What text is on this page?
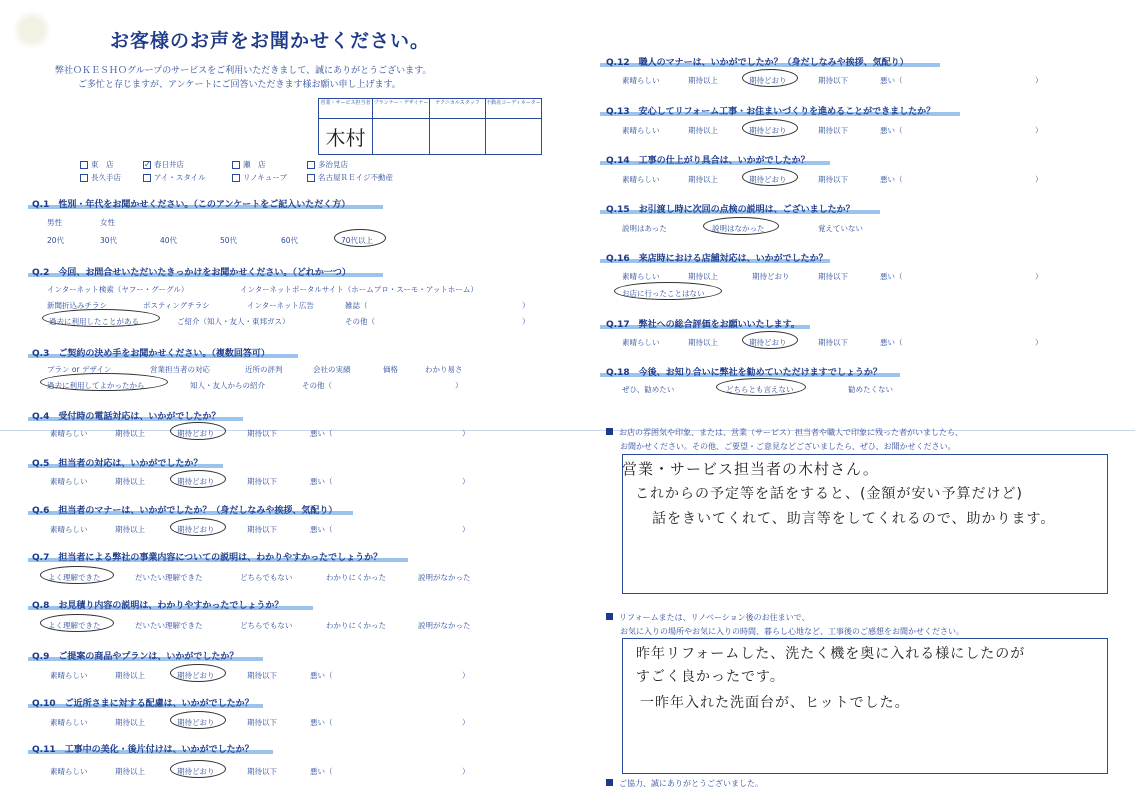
お客様のお声をお聞かせください。
弊社ＯＫＥＳＨＯグループのサービスをご利用いただきまして、誠にありがとうございます。
ご多忙と存じますが、アンケートにご回答いただきます様お願い申し上げます。
営業・サービス担当者	プランナー・デザイナー	テクニカルスタッフ	不動産コーディネーター
木村			
東　店	✓ 春日井店	瀬　店	多治見店
長久手店	アイ・スタイル	リノキューブ	名古屋ＲＥイジ不動産
Q.1　性別・年代をお聞かせください。（このアンケートをご記入いただく方）
男性	女性
20代	30代	40代	50代	60代	70代以上
Q.2　今回、お問合せいただいたきっかけをお聞かせください。（どれか一つ）
インターネット検索（ヤフー・グーグル）	インターネットポータルサイト（ホームプロ・スーモ・アットホーム）
新聞折込みチラシ	ポスティングチラシ	インターネット広告	雑誌（	）
過去に利用したことがある	ご紹介（知人・友人・東邦ガス）	その他（	）
Q.3　ご契約の決め手をお聞かせください。（複数回答可）
プラン or デザイン	営業担当者の対応	近所の評判	会社の実績	価格	わかり易さ
過去に利用してよかったから	知人・友人からの紹介	その他（	）
Q.4　受付時の電話対応は、いかがでしたか？
素晴らしい	期待以上	期待どおり	期待以下	悪い（	）
Q.5　担当者の対応は、いかがでしたか？
素晴らしい	期待以上	期待どおり	期待以下	悪い（	）
Q.6　担当者のマナーは、いかがでしたか？（身だしなみや挨拶、気配り）
素晴らしい	期待以上	期待どおり	期待以下	悪い（	）
Q.7　担当者による弊社の事業内容についての説明は、わかりやすかったでしょうか？
よく理解できた	だいたい理解できた	どちらでもない	わかりにくかった	説明がなかった
Q.8　お見積り内容の説明は、わかりやすかったでしょうか？
よく理解できた	だいたい理解できた	どちらでもない	わかりにくかった	説明がなかった
Q.9　ご提案の商品やプランは、いかがでしたか？
素晴らしい	期待以上	期待どおり	期待以下	悪い（	）
Q.10　ご近所さまに対する配慮は、いかがでしたか？
素晴らしい	期待以上	期待どおり	期待以下	悪い（	）
Q.11　工事中の美化・後片付けは、いかがでしたか？
素晴らしい	期待以上	期待どおり	期待以下	悪い（	）
Q.12　職人のマナーは、いかがでしたか？（身だしなみや挨拶、気配り）
素晴らしい	期待以上	期待どおり	期待以下	悪い（	）
Q.13　安心してリフォーム工事・お住まいづくりを進めることができましたか？
素晴らしい	期待以上	期待どおり	期待以下	悪い（	）
Q.14　工事の仕上がり具合は、いかがでしたか？
素晴らしい	期待以上	期待どおり	期待以下	悪い（	）
Q.15　お引渡し時に次回の点検の説明は、ございましたか？
説明はあった	説明はなかった	覚えていない
Q.16　来店時における店舗対応は、いかがでしたか？
素晴らしい	期待以上	期待どおり	期待以下	悪い（	）
お店に行ったことはない
Q.17　弊社への総合評価をお願いいたします。
素晴らしい	期待以上	期待どおり	期待以下	悪い（	）
Q.18　今後、お知り合いに弊社を勧めていただけますでしょうか？
ぜひ、勧めたい	どちらとも言えない	勧めたくない
お店の雰囲気や印象、または、営業（サービス）担当者や職人で印象に残った者がいましたら、
お聞かせください。その他、ご要望・ご意見などございましたら、ぜひ、お聞かせください。
営業・サービス担当者の木村さん。
これからの予定等を話をすると、(金額が安い予算だけど)
話をきいてくれて、助言等をしてくれるので、助かります。
リフォームまたは、リノベーション後のお住まいで、
お気に入りの場所やお気に入りの時間、暮らし心地など、工事後のご感想をお聞かせください。
昨年リフォームした、洗たく機を奥に入れる様にしたのが
すごく良かったです。
一昨年入れた洗面台が、ヒットでした。
ご協力、誠にありがとうございました。
